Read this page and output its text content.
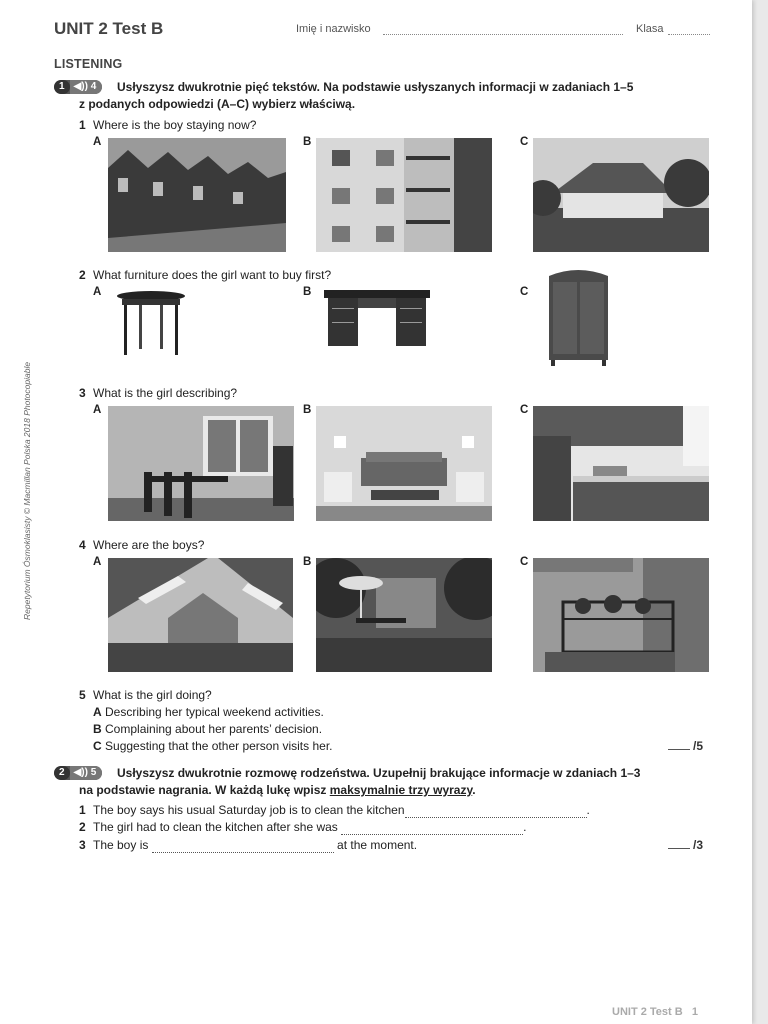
UNIT 2 Test B	Imię i nazwisko	Klasa
LISTENING
Repetytorium Ósmoklasisty © Macmillan Polska 2018 Photocopiable
1 ◀)) 4	Usłyszysz dwukrotnie pięć tekstów. Na podstawie usłyszanych informacji w zadaniach 1–5
z podanych odpowiedzi (A–C) wybierz właściwą.
1 Where is the boy staying now?
A	B	C
2 What furniture does the girl want to buy first?
A	B	C
3 What is the girl describing?
A	B	C
4 Where are the boys?
A	B	C
5 What is the girl doing?
A Describing her typical weekend activities.
B Complaining about her parents’ decision.
C Suggesting that the other person visits her.	/5
2 ◀)) 5	Usłyszysz dwukrotnie rozmowę rodzeństwa. Uzupełnij brakujące informacje w zdaniach 1–3
na podstawie nagrania. W każdą lukę wpisz maksymalnie trzy wyrazy.
1 The boy says his usual Saturday job is to clean the kitchen	.
2 The girl had to clean the kitchen after she was	.
3 The boy is	at the moment.	/3
UNIT 2 Test B 1
